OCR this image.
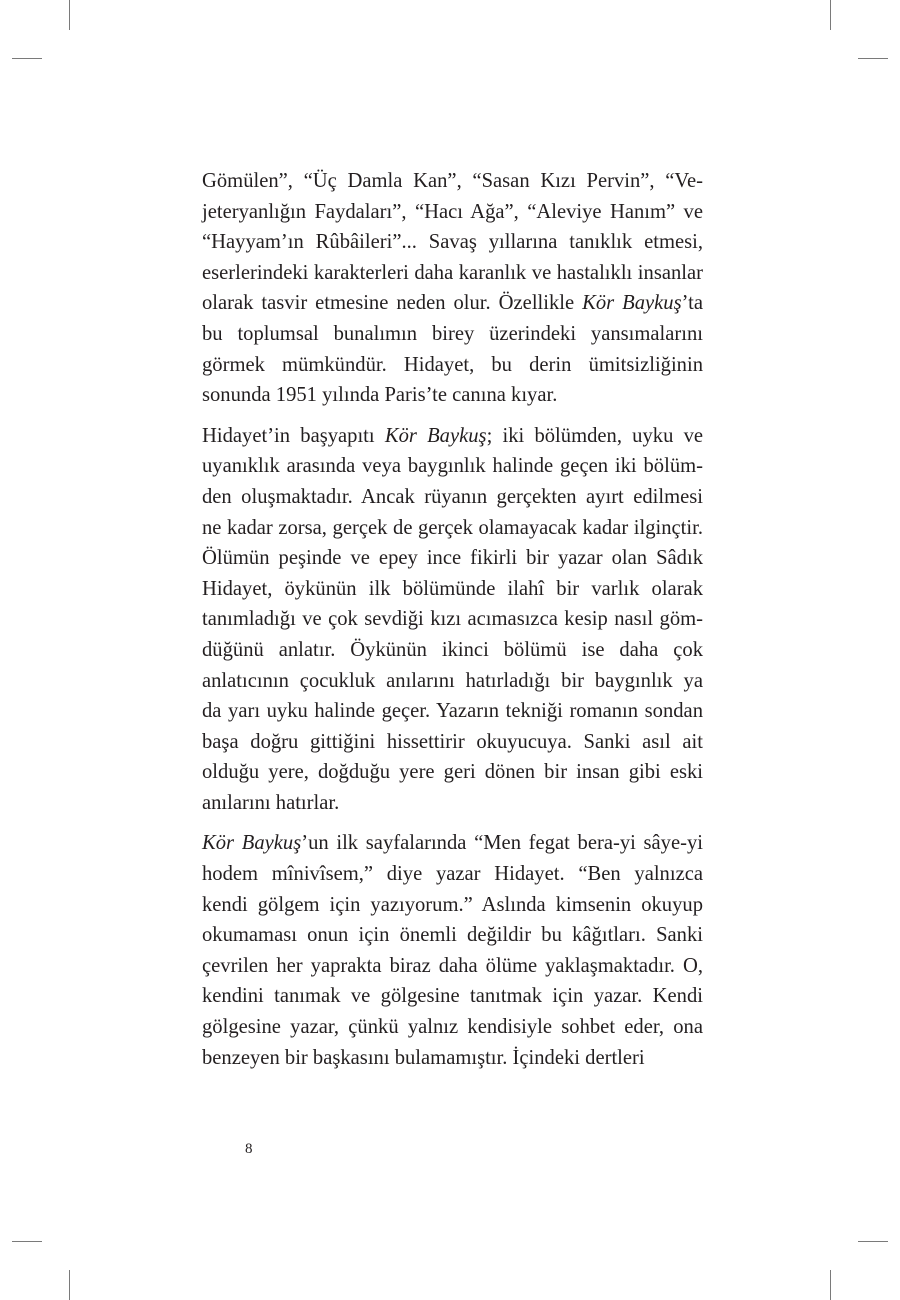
Gömülen”, “Üç Damla Kan”, “Sasan Kızı Pervin”, “Ve-
jeteryanlığın Faydaları”, “Hacı Ağa”, “Aleviye Hanım” ve
“Hayyam’ın Rûbâileri”... Savaş yıllarına tanıklık etmesi,
eserlerindeki karakterleri daha karanlık ve hastalıklı insanlar
olarak tasvir etmesine neden olur. Özellikle Kör Baykuş’ta
bu toplumsal bunalımın birey üzerindeki yansımalarını
görmek mümkündür. Hidayet, bu derin ümitsizliğinin
sonunda 1951 yılında Paris’te canına kıyar.
Hidayet’in başyapıtı Kör Baykuş; iki bölümden, uyku ve
uyanıklık arasında veya baygınlık halinde geçen iki bölüm-
den oluşmaktadır. Ancak rüyanın gerçekten ayırt edilmesi
ne kadar zorsa, gerçek de gerçek olamayacak kadar ilginçtir.
Ölümün peşinde ve epey ince fikirli bir yazar olan Sâdık
Hidayet, öykünün ilk bölümünde ilahî bir varlık olarak
tanımladığı ve çok sevdiği kızı acımasızca kesip nasıl göm-
düğünü anlatır. Öykünün ikinci bölümü ise daha çok
anlatıcının çocukluk anılarını hatırladığı bir baygınlık ya
da yarı uyku halinde geçer. Yazarın tekniği romanın sondan
başa doğru gittiğini hissettirir okuyucuya. Sanki asıl ait
olduğu yere, doğduğu yere geri dönen bir insan gibi eski
anılarını hatırlar.
Kör Baykuş’un ilk sayfalarında “Men fegat bera-yi sâye-yi
hodem mînivîsem,” diye yazar Hidayet. “Ben yalnızca
kendi gölgem için yazıyorum.” Aslında kimsenin okuyup
okumaması onun için önemli değildir bu kâğıtları. Sanki
çevrilen her yaprakta biraz daha ölüme yaklaşmaktadır. O,
kendini tanımak ve gölgesine tanıtmak için yazar. Kendi
gölgesine yazar, çünkü yalnız kendisiyle sohbet eder, ona
benzeyen bir başkasını bulamamıştır. İçindeki dertleri
8
